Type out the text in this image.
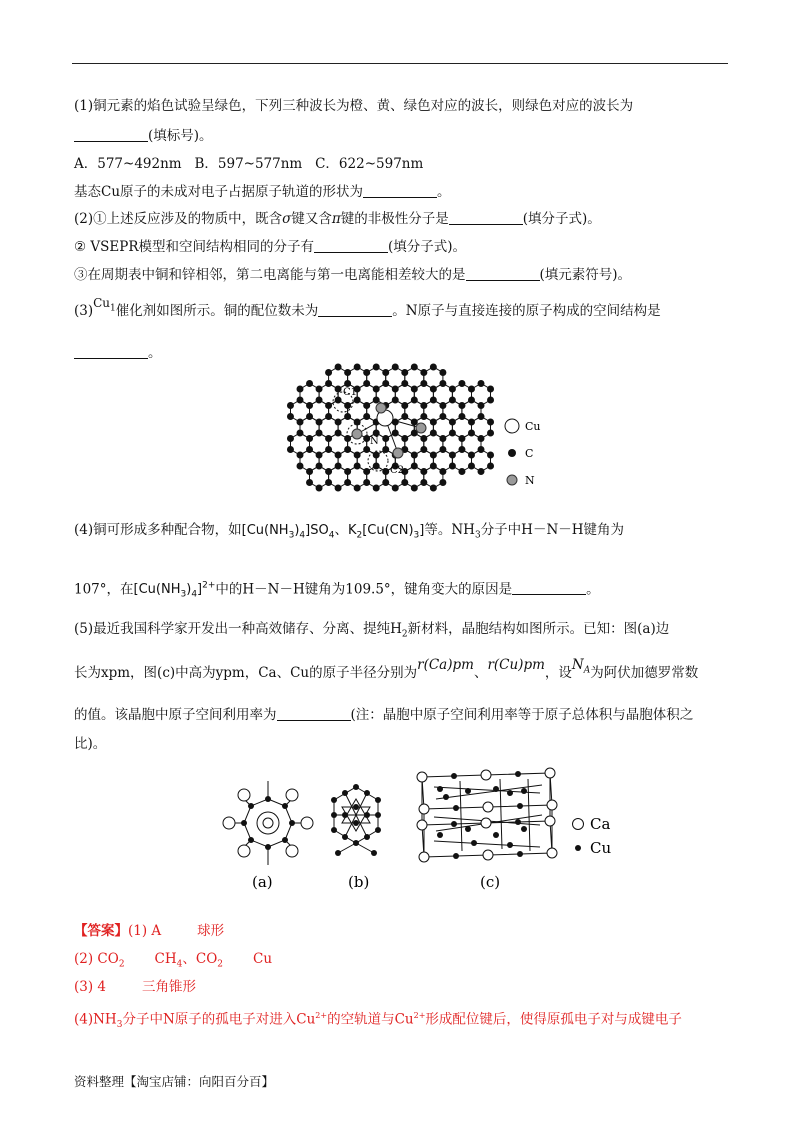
(1)铜元素的焰色试验呈绿色，下列三种波长为橙、黄、绿色对应的波长，则绿色对应的波长为
(填标号)。
A．577~492nm   B．597~577nm   C．622~597nm
基态Cu原子的未成对电子占据原子轨道的形状为	。
(2)①上述反应涉及的物质中，既含σ键又含π键的非极性分子是	(填分子式)。
② VSEPR模型和空间结构相同的分子有	(填分子式)。
③在周期表中铜和锌相邻，第二电离能与第一电离能相差较大的是	(填元素符号)。
$(3)Cu_1$催化剂如图所示。铜的配位数未为	。N原子与直接连接的原子构成的空间结构是
。
C1
N
C2
Cu
C
N
(4)铜可形成多种配合物，如$[Cu(NH_3)_4]SO_4$、$K_2[Cu(CN)_3]$等。$NH_3$分子中H－N－H键角为
107°，在$[Cu(NH_3)_4]^{2+}$中的H－N－H键角为109.5°，键角变大的原因是	。
(5)最近我国科学家开发出一种高效储存、分离、提纯$H_2$新材料，晶胞结构如图所示。已知：图(a)边
长为xpm，图(c)中高为ypm，Ca、Cu的原子半径分别为r(Ca)pm、r(Cu)pm，设$N_A$为阿伏加德罗常数
的值。该晶胞中原子空间利用率为	(注：晶胞中原子空间利用率等于原子总体积与晶胞体积之
比)。
(a)	(b)	(c)
Ca
Cu
【答案】(1) A	球形
(2) $CO_2$ $CH_4$、$CO_2$ Cu
(3) 4	三角锥形
$(4)NH_3$分子中N原子的孤电子对进入$Cu^{2+}$的空轨道与$Cu^{2+}$形成配位键后，使得原孤电子对与成键电子
资料整理【淘宝店铺：向阳百分百】
